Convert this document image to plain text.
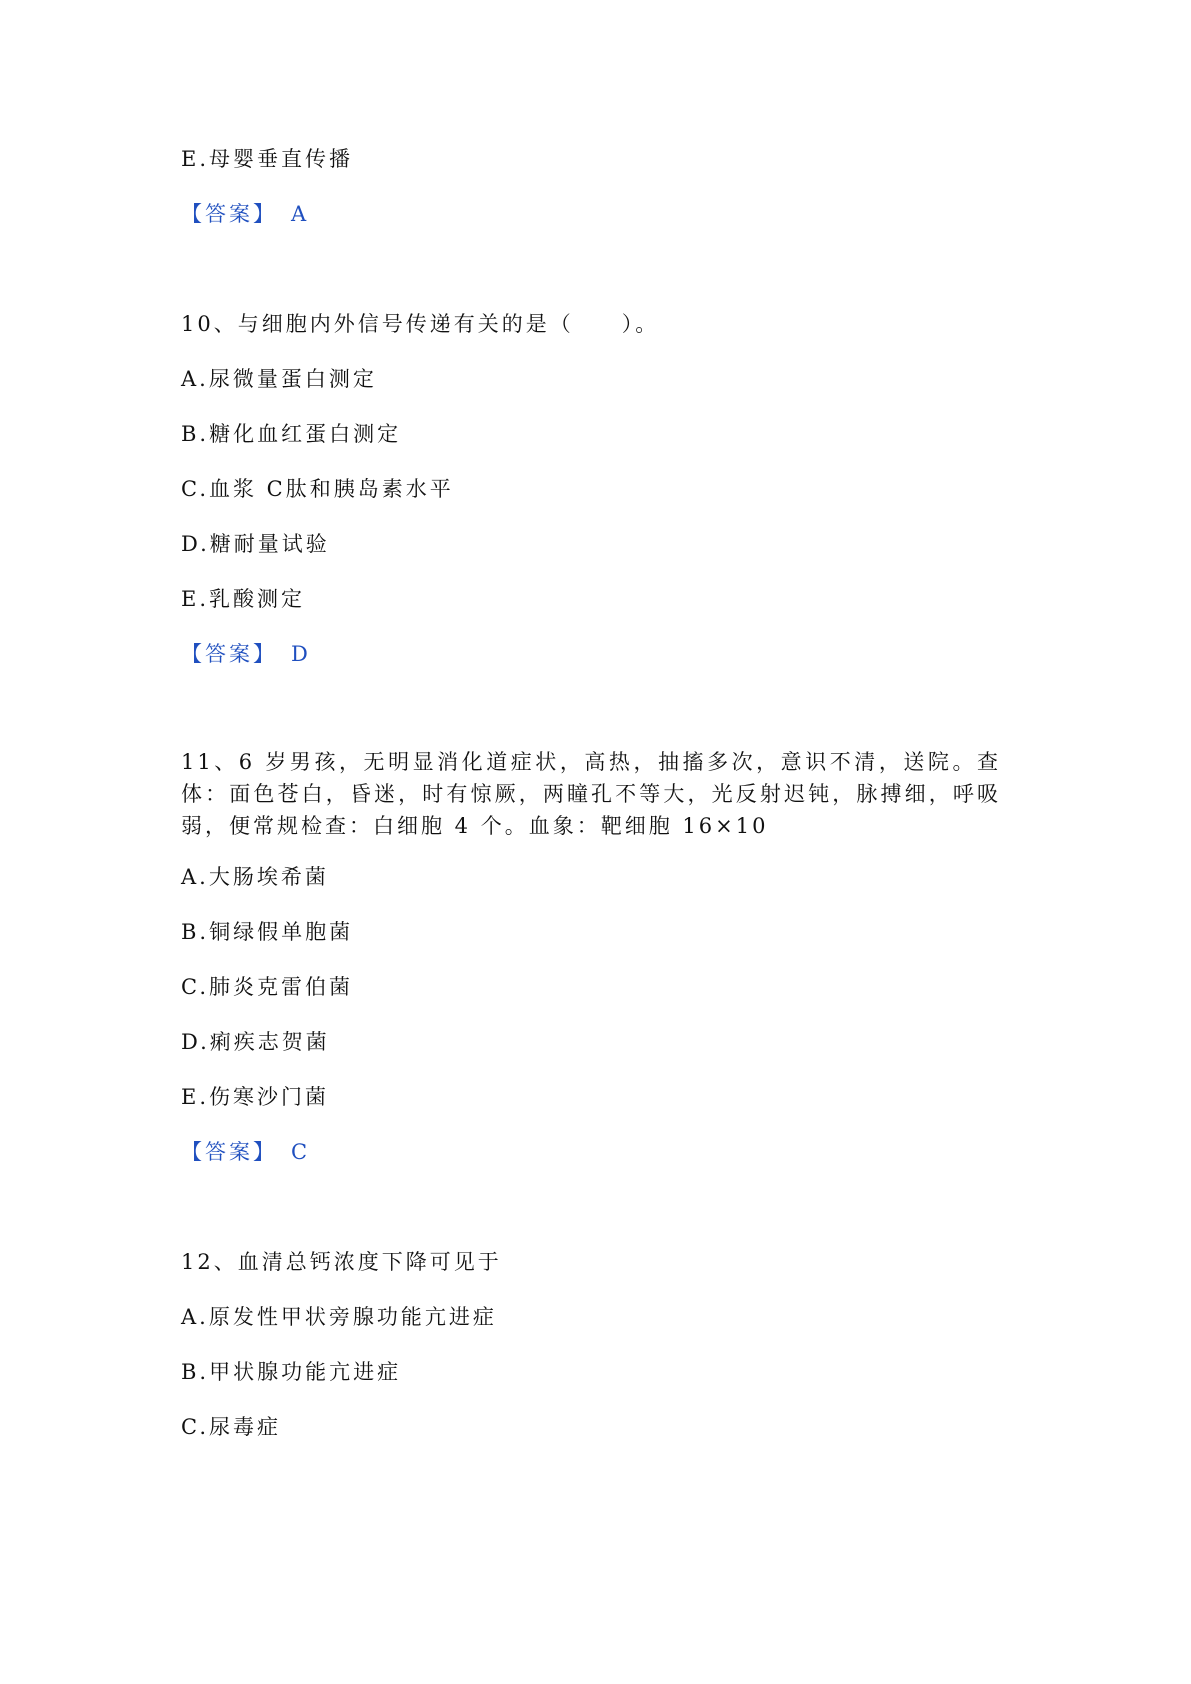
E.母婴垂直传播
【答案】 A
10、与细胞内外信号传递有关的是（　　）。
A.尿微量蛋白测定
B.糖化血红蛋白测定
C.血浆 C肽和胰岛素水平
D.糖耐量试验
E.乳酸测定
【答案】 D
11、6 岁男孩，无明显消化道症状，高热，抽搐多次，意识不清，送院。查体：面色苍白，昏迷，时有惊厥，两瞳孔不等大，光反射迟钝，脉搏细，呼吸弱，便常规检查：白细胞 4 个。血象：靶细胞 16×10
A.大肠埃希菌
B.铜绿假单胞菌
C.肺炎克雷伯菌
D.痢疾志贺菌
E.伤寒沙门菌
【答案】 C
12、血清总钙浓度下降可见于
A.原发性甲状旁腺功能亢进症
B.甲状腺功能亢进症
C.尿毒症
